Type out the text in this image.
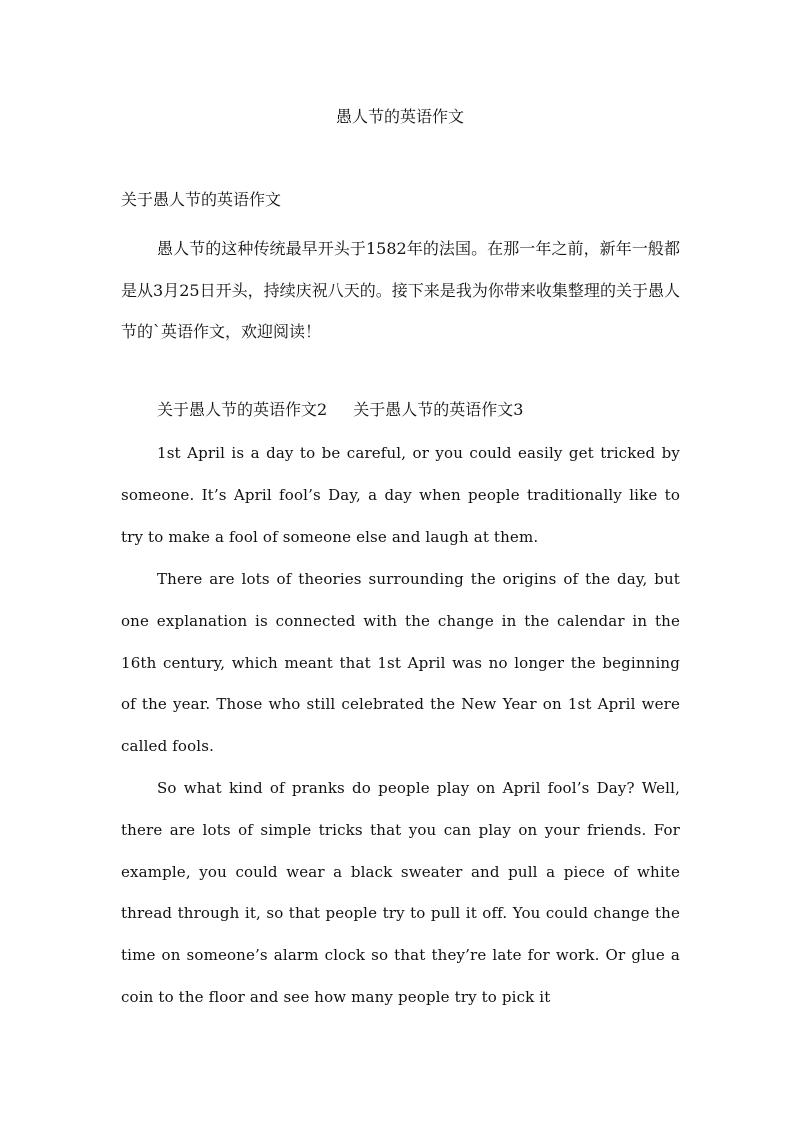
愚人节的英语作文
关于愚人节的英语作文

愚人节的这种传统最早开头于1582年的法国。在那一年之前，新年一般都是从3月25日开头，持续庆祝八天的。接下来是我为你带来收集整理的关于愚人节的`英语作文，欢迎阅读！

关于愚人节的英语作文2 关于愚人节的英语作文3

1st April is a day to be careful, or you could easily get tricked by someone. It’s April fool’s Day, a day when people traditionally like to try to make a fool of someone else and laugh at them.

There are lots of theories surrounding the origins of the day, but one explanation is connected with the change in the calendar in the 16th century, which meant that 1st April was no longer the beginning of the year. Those who still celebrated the New Year on 1st April were called fools.

So what kind of pranks do people play on April fool’s Day? Well, there are lots of simple tricks that you can play on your friends. For example, you could wear a black sweater and pull a piece of white thread through it, so that people try to pull it off. You could change the time on someone’s alarm clock so that they’re late for work. Or glue a coin to the floor and see how many people try to pick it
